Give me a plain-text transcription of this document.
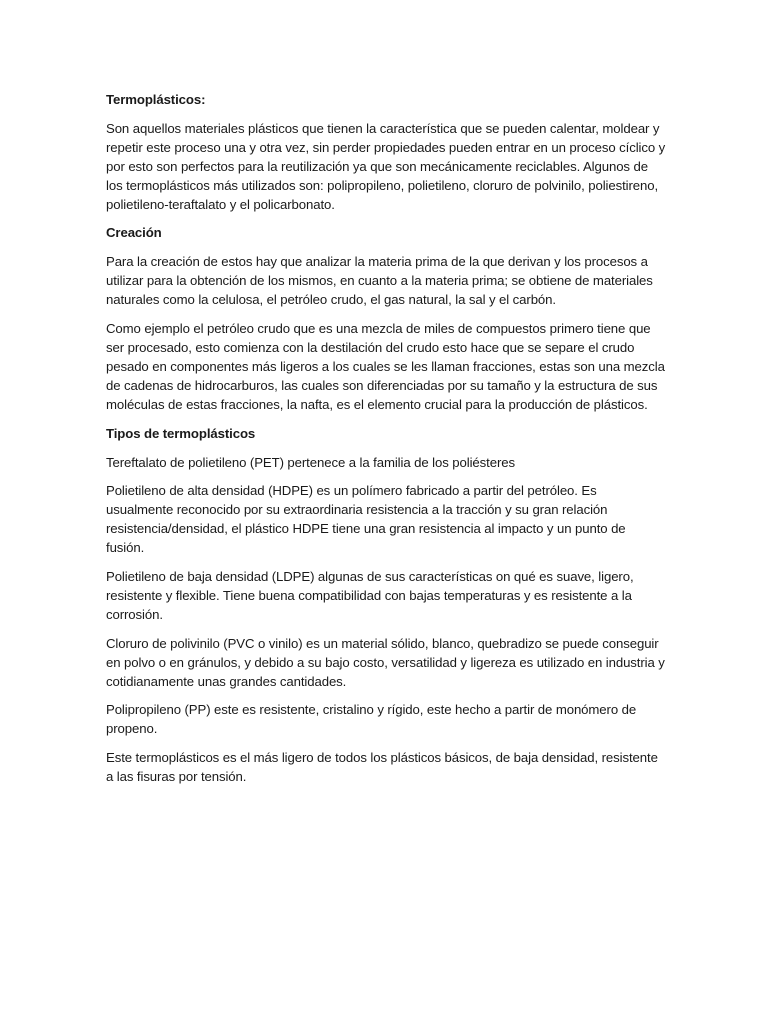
Termoplásticos:

Son aquellos materiales plásticos que tienen la característica que se pueden calentar, moldear y repetir este proceso una y otra vez, sin perder propiedades pueden entrar en un proceso cíclico y por esto son perfectos para la reutilización ya que son mecánicamente reciclables. Algunos de los termoplásticos más utilizados son: polipropileno, polietileno, cloruro de polvinilo, poliestireno, polietileno-teraftalato y el policarbonato.

Creación

Para la creación de estos hay que analizar la materia prima de la que derivan y los procesos a utilizar para la obtención de los mismos, en cuanto a la materia prima; se obtiene de materiales naturales como la celulosa, el petróleo crudo, el gas natural, la sal y el carbón.

Como ejemplo el petróleo crudo que es una mezcla de miles de compuestos primero tiene que ser procesado, esto comienza con la destilación del crudo esto hace que se separe el crudo pesado en componentes más ligeros a los cuales se les llaman fracciones, estas son una mezcla de cadenas de hidrocarburos, las cuales son diferenciadas por su tamaño y la estructura de sus moléculas de estas fracciones, la nafta, es el elemento crucial para la producción de plásticos.

Tipos de termoplásticos

Tereftalato de polietileno (PET) pertenece a la familia de los poliésteres

Polietileno de alta densidad (HDPE) es un polímero fabricado a partir del petróleo. Es usualmente reconocido por su extraordinaria resistencia a la tracción y su gran relación resistencia/densidad, el plástico HDPE tiene una gran resistencia al impacto y un punto de fusión.

Polietileno de baja densidad (LDPE) algunas de sus características on qué es suave, ligero, resistente y flexible. Tiene buena compatibilidad con bajas temperaturas y es resistente a la corrosión.

Cloruro de polivinilo (PVC o vinilo) es un material sólido, blanco, quebradizo se puede conseguir en polvo o en gránulos, y debido a su bajo costo, versatilidad y ligereza es utilizado en industria y cotidianamente unas grandes cantidades.

Polipropileno (PP) este es resistente, cristalino y rígido, este hecho a partir de monómero de propeno.

Este termoplásticos es el más ligero de todos los plásticos básicos, de baja densidad, resistente a las fisuras por tensión.
